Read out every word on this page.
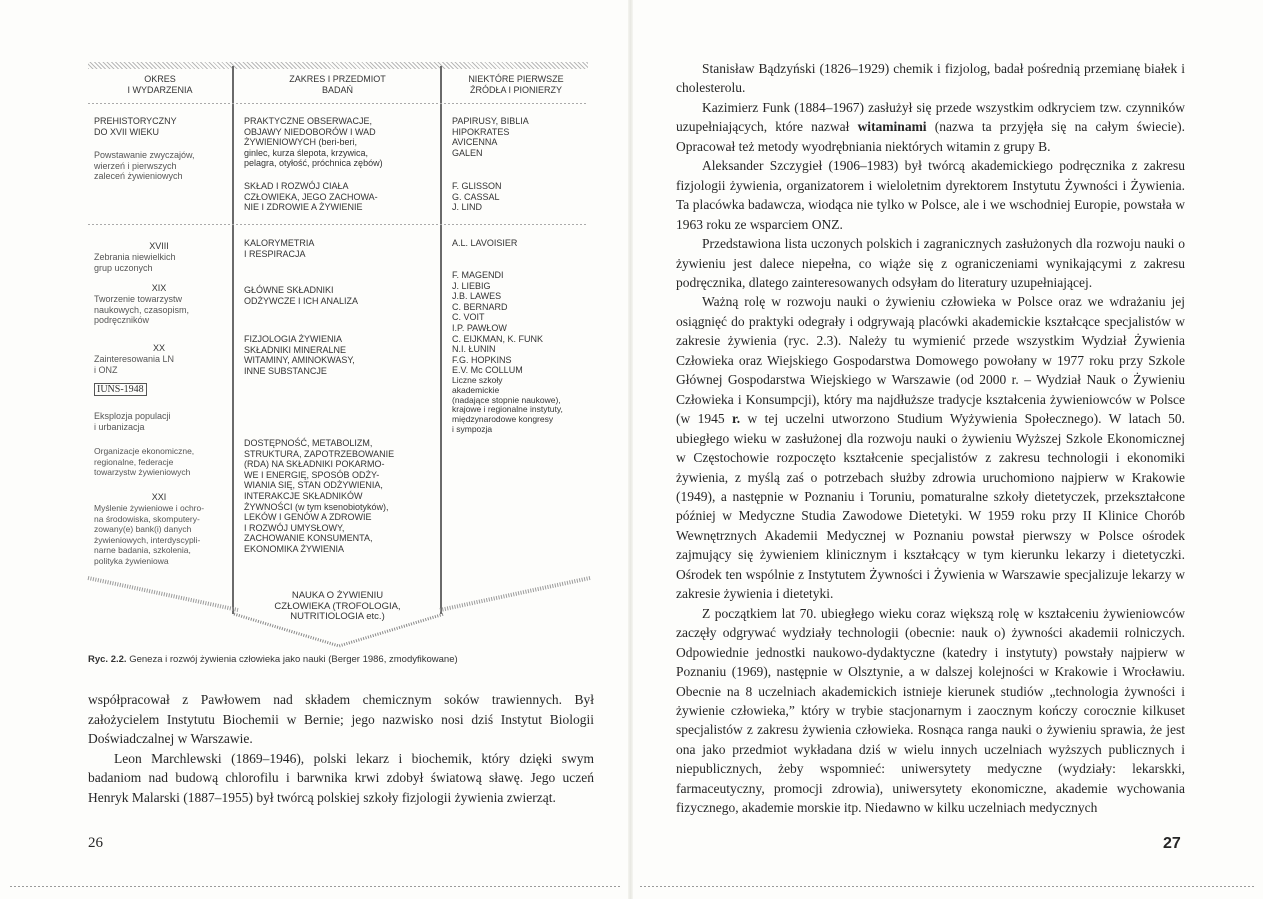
OKRES
I WYDARZENIA

ZAKRES I PRZEDMIOT
BADAŃ

NIEKTÓRE PIERWSZE
ŹRÓDŁA I PIONIERZY

PREHISTORYCZNY
DO XVII WIEKU

Powstawanie zwyczajów,
wierzeń i pierwszych
zaleceń żywieniowych

XVIII

Zebrania niewielkich
grup uczonych

XIX

Tworzenie towarzystw
naukowych, czasopism,
podręczników

XX

Zainteresowania LN
i ONZ

IUNS-1948

Eksplozja populacji
i urbanizacja

Organizacje ekonomiczne,
regionalne, federacje
towarzystw żywieniowych

XXI

Myślenie żywieniowe i ochro-
na środowiska, skomputery-
zowany(e) bank(i) danych
żywieniowych, interdyscypli-
narne badania, szkolenia,
polityka żywieniowa

PRAKTYCZNE OBSERWACJE,
OBJAWY NIEDOBORÓW I WAD
ŻYWIENIOWYCH (beri-beri,
ginlec, kurza ślepota, krzywica,
pelagra, otyłość, próchnica zębów)

SKŁAD I ROZWÓJ CIAŁA
CZŁOWIEKA, JEGO ZACHOWA-
NIE I ZDROWIE A ŻYWIENIE

KALORYMETRIA
I RESPIRACJA

GŁÓWNE SKŁADNIKI
ODŻYWCZE I ICH ANALIZA

FIZJOLOGIA ŻYWIENIA
SKŁADNIKI MINERALNE
WITAMINY, AMINOKWASY,
INNE SUBSTANCJE

DOSTĘPNOŚĆ, METABOLIZM,
STRUKTURA, ZAPOTRZEBOWANIE
(RDA) NA SKŁADNIKI POKARMO-
WE I ENERGIĘ, SPOSÓB ODŻY-
WIANIA SIĘ, STAN ODŻYWIENIA,
INTERAKCJE SKŁADNIKÓW
ŻYWNOŚCI (w tym ksenobiotyków),
LEKÓW I GENÓW A ZDROWIE
I ROZWÓJ UMYSŁOWY,
ZACHOWANIE KONSUMENTA,
EKONOMIKA ŻYWIENIA

PAPIRUSY, BIBLIA
HIPOKRATES
AVICENNA
GALEN

F. GLISSON
G. CASSAL
J. LIND

A.L. LAVOISIER

F. MAGENDI
J. LIEBIG
J.B. LAWES
C. BERNARD
C. VOIT
I.P. PAWŁOW
C. EIJKMAN, K. FUNK
N.I. ŁUNIN
F.G. HOPKINS
E.V. Mc COLLUM

Liczne szkoły
akademickie
(nadające stopnie naukowe),
krajowe i regionalne instytuty,
międzynarodowe kongresy
i sympozja

NAUKA O ŻYWIENIU
CZŁOWIEKA (TROFOLOGIA,
NUTRITIOLOGIA etc.)

Ryc. 2.2. Geneza i rozwój żywienia człowieka jako nauki (Berger 1986, zmodyfikowane)

współpracował z Pawłowem nad składem chemicznym soków trawiennych. Był założycielem Instytutu Biochemii w Bernie; jego nazwisko nosi dziś Instytut Biologii Doświadczalnej w Warszawie.

Leon Marchlewski (1869–1946), polski lekarz i biochemik, który dzięki swym badaniom nad budową chlorofilu i barwnika krwi zdobył światową sławę. Jego uczeń Henryk Malarski (1887–1955) był twórcą polskiej szkoły fizjologii żywienia zwierząt.

26

Stanisław Bądzyński (1826–1929) chemik i fizjolog, badał pośrednią przemianę białek i cholesterolu.

Kazimierz Funk (1884–1967) zasłużył się przede wszystkim odkryciem tzw. czynników uzupełniających, które nazwał witaminami (nazwa ta przyjęła się na całym świecie). Opracował też metody wyodrębniania niektórych witamin z grupy B.

Aleksander Szczygieł (1906–1983) był twórcą akademickiego podręcznika z zakresu fizjologii żywienia, organizatorem i wieloletnim dyrektorem Instytutu Żywności i Żywienia. Ta placówka badawcza, wiodąca nie tylko w Polsce, ale i we wschodniej Europie, powstała w 1963 roku ze wsparciem ONZ.

Przedstawiona lista uczonych polskich i zagranicznych zasłużonych dla rozwoju nauki o żywieniu jest dalece niepełna, co wiąże się z ograniczeniami wynikającymi z zakresu podręcznika, dlatego zainteresowanych odsyłam do literatury uzupełniającej.

Ważną rolę w rozwoju nauki o żywieniu człowieka w Polsce oraz we wdrażaniu jej osiągnięć do praktyki odegrały i odgrywają placówki akademickie kształcące specjalistów w zakresie żywienia (ryc. 2.3). Należy tu wymienić przede wszystkim Wydział Żywienia Człowieka oraz Wiejskiego Gospodarstwa Domowego powołany w 1977 roku przy Szkole Głównej Gospodarstwa Wiejskiego w Warszawie (od 2000 r. – Wydział Nauk o Żywieniu Człowieka i Konsumpcji), który ma najdłuższe tradycje kształcenia żywieniowców w Polsce (w 1945 r. w tej uczelni utworzono Studium Wyżywienia Społecznego). W latach 50. ubiegłego wieku w zasłużonej dla rozwoju nauki o żywieniu Wyższej Szkole Ekonomicznej w Częstochowie rozpoczęto kształcenie specjalistów z zakresu technologii i ekonomiki żywienia, z myślą zaś o potrzebach służby zdrowia uruchomiono najpierw w Krakowie (1949), a następnie w Poznaniu i Toruniu, pomaturalne szkoły dietetyczek, przekształcone później w Medyczne Studia Zawodowe Dietetyki. W 1959 roku przy II Klinice Chorób Wewnętrznych Akademii Medycznej w Poznaniu powstał pierwszy w Polsce ośrodek zajmujący się żywieniem klinicznym i kształcący w tym kierunku lekarzy i dietetyczki. Ośrodek ten wspólnie z Instytutem Żywności i Żywienia w Warszawie specjalizuje lekarzy w zakresie żywienia i dietetyki.

Z początkiem lat 70. ubiegłego wieku coraz większą rolę w kształceniu żywieniowców zaczęły odgrywać wydziały technologii (obecnie: nauk o) żywności akademii rolniczych. Odpowiednie jednostki naukowo-dydaktyczne (katedry i instytuty) powstały najpierw w Poznaniu (1969), następnie w Olsztynie, a w dalszej kolejności w Krakowie i Wrocławiu. Obecnie na 8 uczelniach akademickich istnieje kierunek studiów „technologia żywności i żywienie człowieka,” który w trybie stacjonarnym i zaocznym kończy corocznie kilkuset specjalistów z zakresu żywienia człowieka. Rosnąca ranga nauki o żywieniu sprawia, że jest ona jako przedmiot wykładana dziś w wielu innych uczelniach wyższych publicznych i niepublicznych, żeby wspomnieć: uniwersytety medyczne (wydziały: lekarskki, farmaceutyczny, promocji zdrowia), uniwersytety ekonomiczne, akademie wychowania fizycznego, akademie morskie itp. Niedawno w kilku uczelniach medycznych

27
